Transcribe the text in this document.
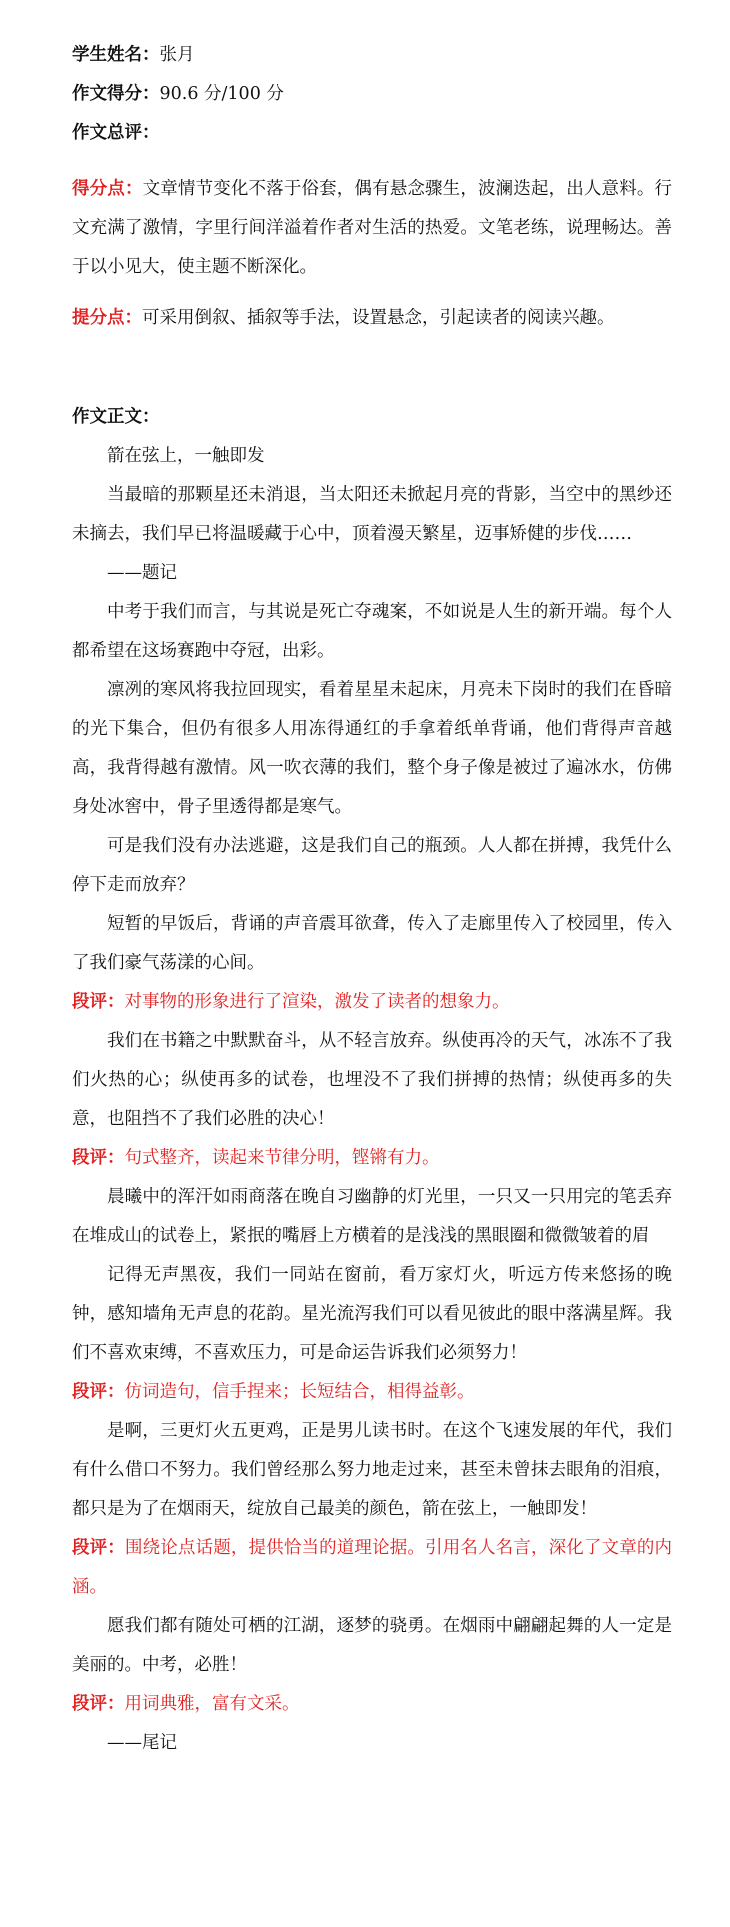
学生姓名：张月

作文得分：90.6 分/100 分

作文总评：

得分点：文章情节变化不落于俗套，偶有悬念骤生，波澜迭起，出人意料。行文充满了激情，字里行间洋溢着作者对生活的热爱。文笔老练，说理畅达。善于以小见大，使主题不断深化。

提分点：可采用倒叙、插叙等手法，设置悬念，引起读者的阅读兴趣。

作文正文：

箭在弦上，一触即发

当最暗的那颗星还未消退，当太阳还未掀起月亮的背影，当空中的黑纱还未摘去，我们早已将温暖藏于心中，顶着漫天繁星，迈事矫健的步伐……

——题记

中考于我们而言，与其说是死亡夺魂案，不如说是人生的新开端。每个人都希望在这场赛跑中夺冠，出彩。

凛冽的寒风将我拉回现实，看着星星未起床，月亮未下岗时的我们在昏暗的光下集合，但仍有很多人用冻得通红的手拿着纸单背诵，他们背得声音越高，我背得越有激情。风一吹衣薄的我们，整个身子像是被过了遍冰水，仿佛身处冰窖中，骨子里透得都是寒气。

可是我们没有办法逃避，这是我们自己的瓶颈。人人都在拼搏，我凭什么停下走而放弃？

短暂的早饭后，背诵的声音震耳欲聋，传入了走廊里传入了校园里，传入了我们豪气荡漾的心间。

段评：对事物的形象进行了渲染，激发了读者的想象力。

我们在书籍之中默默奋斗，从不轻言放弃。纵使再冷的天气，冰冻不了我们火热的心；纵使再多的试卷，也埋没不了我们拼搏的热情；纵使再多的失意，也阻挡不了我们必胜的决心！

段评：句式整齐，读起来节律分明，铿锵有力。

晨曦中的浑汗如雨商落在晚自习幽静的灯光里，一只又一只用完的笔丢弃在堆成山的试卷上，紧抿的嘴唇上方横着的是浅浅的黑眼圈和微微皱着的眉

记得无声黑夜，我们一同站在窗前，看万家灯火，听远方传来悠扬的晚钟，感知墙角无声息的花韵。星光流泻我们可以看见彼此的眼中落满星辉。我们不喜欢束缚，不喜欢压力，可是命运告诉我们必须努力！

段评：仿词造句，信手捏来；长短结合，相得益彰。

是啊，三更灯火五更鸡，正是男儿读书时。在这个飞速发展的年代，我们有什么借口不努力。我们曾经那么努力地走过来，甚至未曾抹去眼角的泪痕，都只是为了在烟雨天，绽放自己最美的颜色，箭在弦上，一触即发！

段评：围绕论点话题，提供恰当的道理论据。引用名人名言，深化了文章的内涵。

愿我们都有随处可栖的江湖，逐梦的骁勇。在烟雨中翩翩起舞的人一定是美丽的。中考，必胜！

段评：用词典雅，富有文采。

——尾记
